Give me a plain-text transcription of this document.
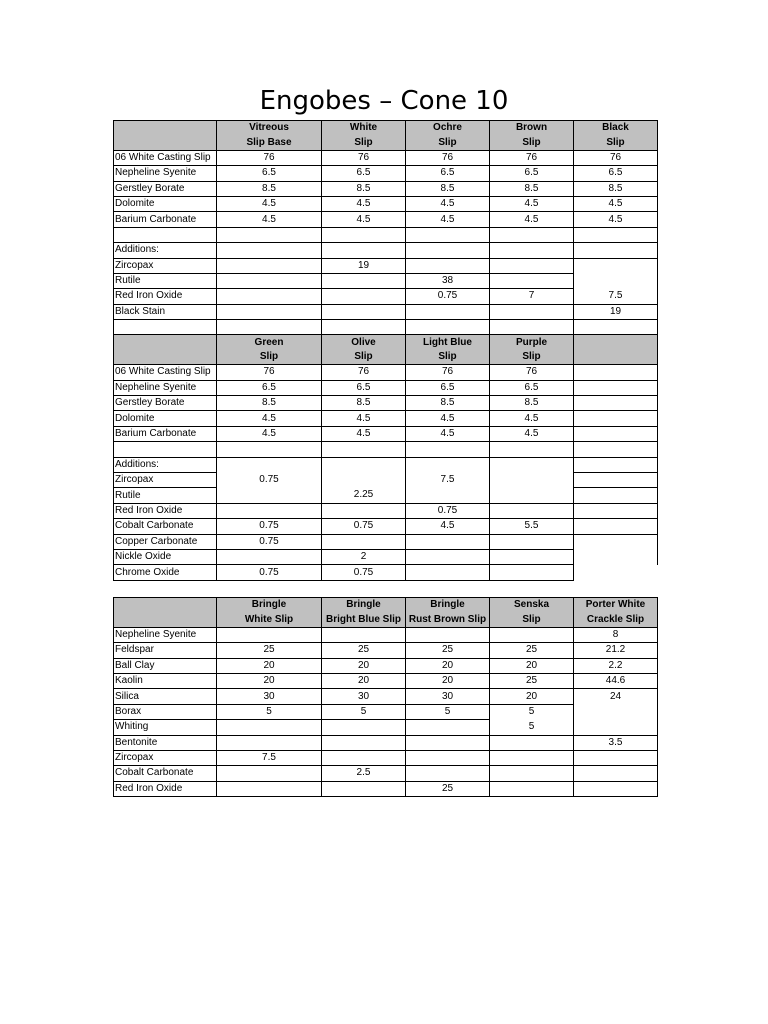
Engobes – Cone 10
	Vitreous	White	Ochre	Brown	Black
	Slip Base	Slip	Slip	Slip	Slip
06 White Casting Slip	76	76	76	76	76
Nepheline Syenite	6.5	6.5	6.5	6.5	6.5
Gerstley Borate	8.5	8.5	8.5	8.5	8.5
Dolomite	4.5	4.5	4.5	4.5	4.5
Barium Carbonate	4.5	4.5	4.5	4.5	4.5

Additions:					
Zircopax		19			
Rutile			38		
Red Iron Oxide			0.75	7	7.5
Black Stain					19

	Green	Olive	Light Blue	Purple	
	Slip	Slip	Slip	Slip	
06 White Casting Slip	76	76	76	76	
Nepheline Syenite	6.5	6.5	6.5	6.5	
Gerstley Borate	8.5	8.5	8.5	8.5	
Dolomite	4.5	4.5	4.5	4.5	
Barium Carbonate	4.5	4.5	4.5	4.5	

Additions:					
Zircopax	0.75		7.5		
Rutile		2.25			
Red Iron Oxide			0.75		
Cobalt Carbonate	0.75	0.75	4.5	5.5	
Copper Carbonate	0.75				
Nickle Oxide		2			
Chrome Oxide	0.75	0.75			
	Bringle	Bringle	Bringle	Senska	Porter White
	White Slip	Bright Blue Slip	Rust Brown Slip	Slip	Crackle Slip
Nepheline Syenite					8
Feldspar	25	25	25	25	21.2
Ball Clay	20	20	20	20	2.2
Kaolin	20	20	20	25	44.6
Silica	30	30	30	20	24
Borax	5	5	5	5	
Whiting				5	
Bentonite					3.5
Zircopax	7.5				
Cobalt Carbonate		2.5			
Red Iron Oxide			25		
